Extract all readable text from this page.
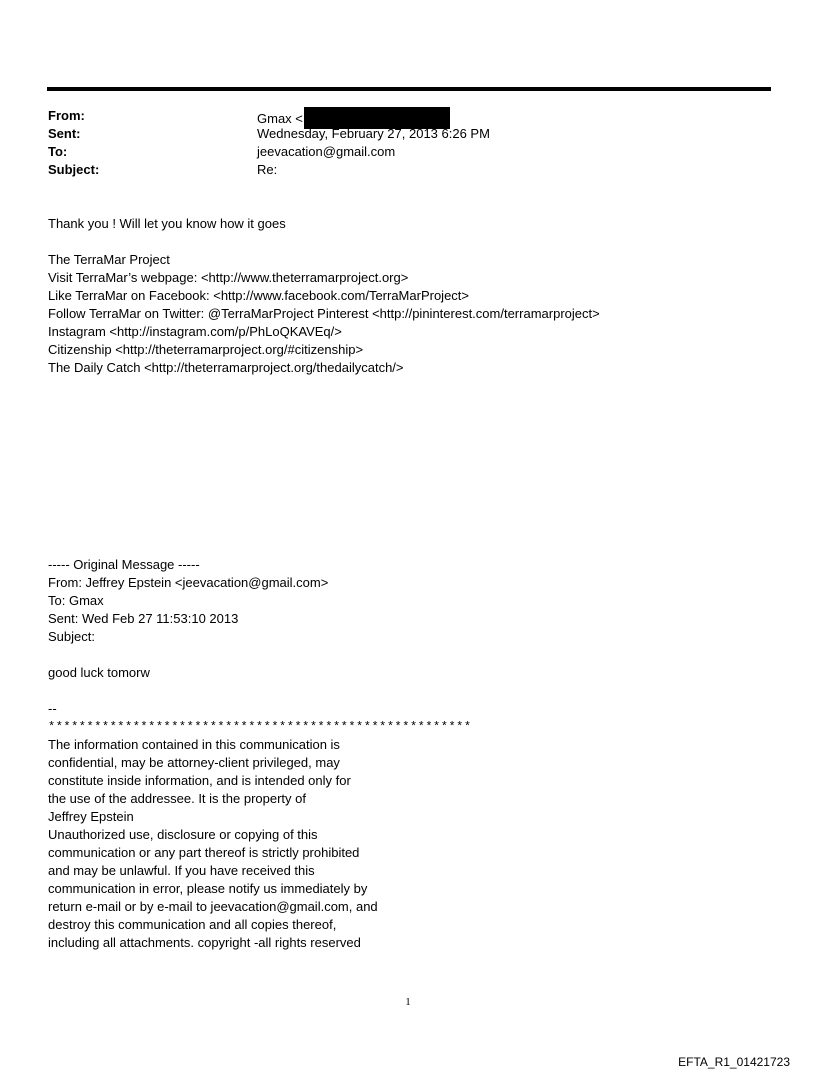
From:	Gmax <
Sent:	Wednesday, February 27, 2013 6:26 PM
To:	jeevacation@gmail.com
Subject:	Re:
Thank you ! Will let you know how it goes
The TerraMar Project
Visit TerraMar’s webpage: <http://www.theterramarproject.org>
Like TerraMar on Facebook: <http://www.facebook.com/TerraMarProject>
Follow TerraMar on Twitter: @TerraMarProject Pinterest <http://pininterest.com/terramarproject>
Instagram <http://instagram.com/p/PhLoQKAVEq/>
Citizenship <http://theterramarproject.org/#citizenship>
The Daily Catch <http://theterramarproject.org/thedailycatch/>
----- Original Message -----
From: Jeffrey Epstein <jeevacation@gmail.com>
To: Gmax
Sent: Wed Feb 27 11:53:10 2013
Subject:
good luck tomorw
--
*******************************************************
The information contained in this communication is
confidential, may be attorney-client privileged, may
constitute inside information, and is intended only for
the use of the addressee. It is the property of
Jeffrey Epstein
Unauthorized use, disclosure or copying of this
communication or any part thereof is strictly prohibited
and may be unlawful. If you have received this
communication in error, please notify us immediately by
return e-mail or by e-mail to jeevacation@gmail.com, and
destroy this communication and all copies thereof,
including all attachments. copyright -all rights reserved
1
EFTA_R1_01421723
